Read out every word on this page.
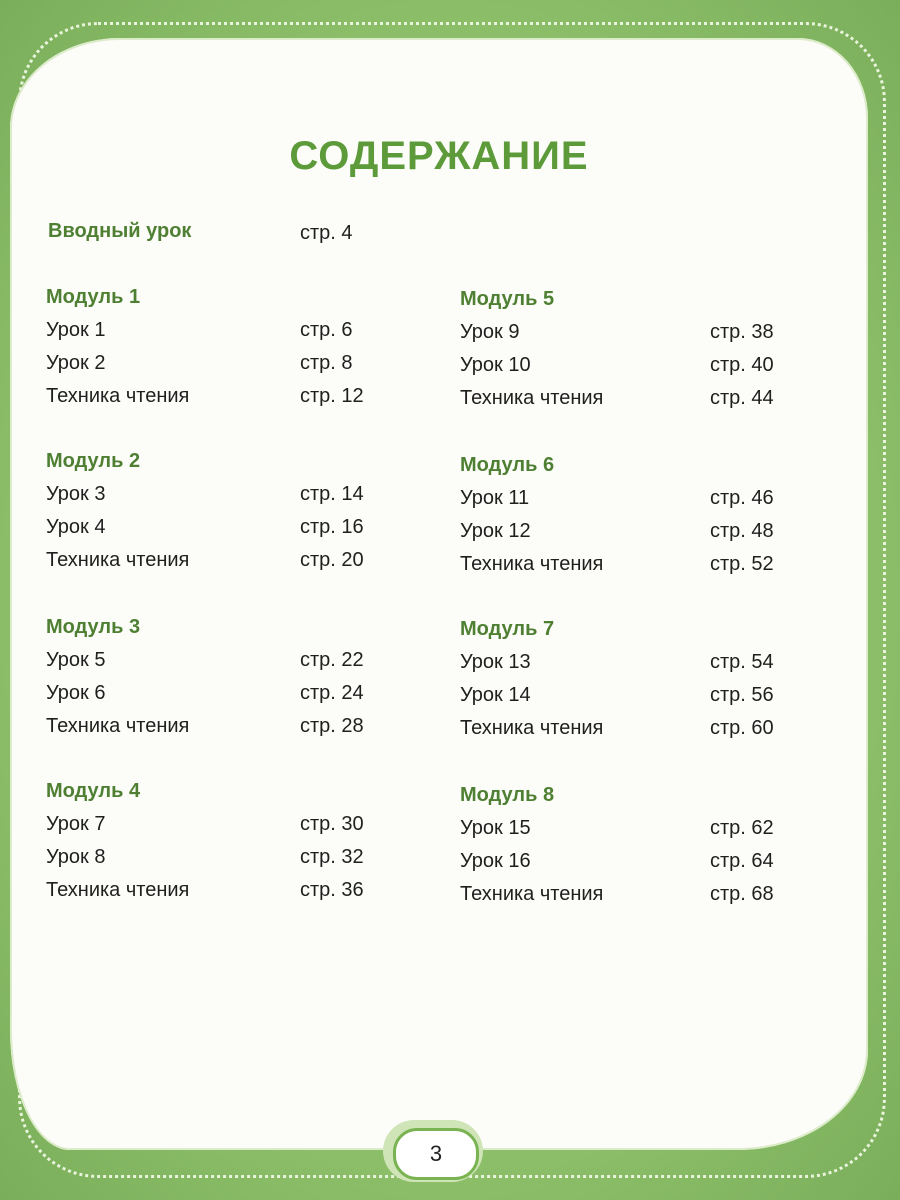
СОДЕРЖАНИЕ
Вводный урок	стр. 4
Модуль 1
Урок 1	стр. 6
Урок 2	стр. 8
Техника чтения	стр. 12
Модуль 2
Урок 3	стр. 14
Урок 4	стр. 16
Техника чтения	стр. 20
Модуль 3
Урок 5	стр. 22
Урок 6	стр. 24
Техника чтения	стр. 28
Модуль 4
Урок 7	стр. 30
Урок 8	стр. 32
Техника чтения	стр. 36
Модуль 5
Урок 9	стр. 38
Урок 10	стр. 40
Техника чтения	стр. 44
Модуль 6
Урок 11	стр. 46
Урок 12	стр. 48
Техника чтения	стр. 52
Модуль 7
Урок 13	стр. 54
Урок 14	стр. 56
Техника чтения	стр. 60
Модуль 8
Урок 15	стр. 62
Урок 16	стр. 64
Техника чтения	стр. 68
3
